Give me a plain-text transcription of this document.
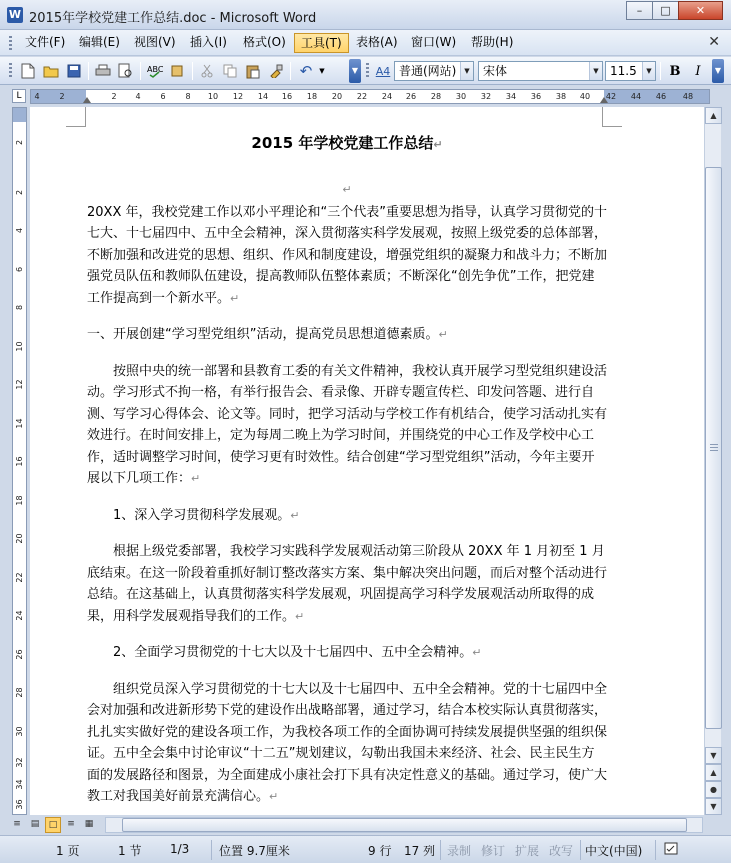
W 2015年学校党建工作总结.doc - Microsoft Word
–	□	✕
文件(F)	编辑(E)	视图(V)	插入(I)	格式(O)	工具(T)	表格(A)	窗口(W)	帮助(H)	✕
ABC	↶	▼	▼ A4 普通(网站)	▼	宋体	▼ 11.5	▼	B	I	▼
L	4 2	2 4 6 8 10 12 14 16 18 20 22 24 26 28 30 32 34 36 38 40 42 44 46 48
2
2
4
6
8
10
12
14
16
18
20
22
24
26
28
30
32
34
36
2015 年学校党建工作总结↵
↵

20XX 年，我校党建工作以邓小平理论和“三个代表”重要思想为指导，认真学习贯彻党的十七大、十七届四中、五中全会精神，深入贯彻落实科学发展观，按照上级党委的总体部署，不断加强和改进党的思想、组织、作风和制度建设，增强党组织的凝聚力和战斗力；不断加强党员队伍和教师队伍建设，提高教师队伍整体素质；不断深化“创先争优”工作，把党建工作提高到一个新水平。↵

一、开展创建“学习型党组织”活动，提高党员思想道德素质。↵

按照中央的统一部署和县教育工委的有关文件精神，我校认真开展学习型党组织建设活动。学习形式不拘一格，有举行报告会、看录像、开辟专题宣传栏、印发问答题、进行自测、写学习心得体会、论文等。同时，把学习活动与学校工作有机结合，使学习活动扎实有效进行。在时间安排上，定为每周二晚上为学习时间，并围绕党的中心工作及学校中心工作，适时调整学习时间，使学习更有时效性。结合创建“学习型党组织”活动，今年主要开展以下几项工作：↵

1、深入学习贯彻科学发展观。↵

根据上级党委部署，我校学习实践科学发展观活动第三阶段从 20XX 年 1 月初至 1 月底结束。在这一阶段着重抓好制订整改落实方案、集中解决突出问题，而后对整个活动进行总结。在这基础上，认真贯彻落实科学发展观，巩固提高学习科学发展观活动所取得的成果，用科学发展观指导我们的工作。↵

2、全面学习贯彻党的十七大以及十七届四中、五中全会精神。↵

组织党员深入学习贯彻党的十七大以及十七届四中、五中全会精神。党的十七届四中全会对加强和改进新形势下党的建设作出战略部署，通过学习，结合本校实际认真贯彻落实，扎扎实实做好党的建设各项工作，为我校各项工作的全面协调可持续发展提供坚强的组织保证。五中全会集中讨论审议“十二五”规划建议，勾勒出我国未来经济、社会、民主民生方面的发展路径和图景，为全面建成小康社会打下具有决定性意义的基础。通过学习，使广大教工对我国美好前景充满信心。↵

▲
▼
▲
●
▼
≡	▤	□	≡	▦
1 页	1 节 1/3 位置 9.7厘米	9 行 17 列 录制 修订 扩展 改写 中文(中国)
